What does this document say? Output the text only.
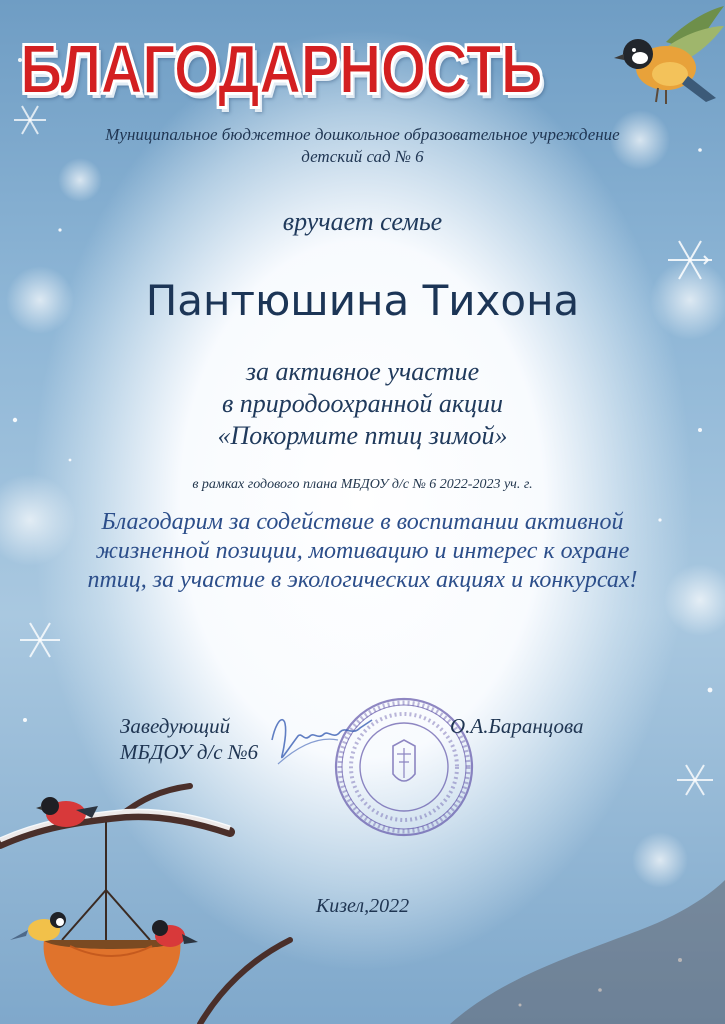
БЛАГОДАРНОСТЬ
Муниципальное бюджетное дошкольное образовательное учреждение
детский сад № 6
вручает семье
Пантюшина Тихона
за активное участие
в природоохранной акции
«Покормите птиц зимой»
в рамках годового плана МБДОУ д/с № 6 2022-2023 уч. г.
Благодарим за содействие в воспитании активной
жизненной позиции, мотивацию и интерес к охране
птиц, за участие в экологических акциях и конкурсах!
Заведующий
МБДОУ д/с №6
О.А.Баранцова
Кизел,2022
